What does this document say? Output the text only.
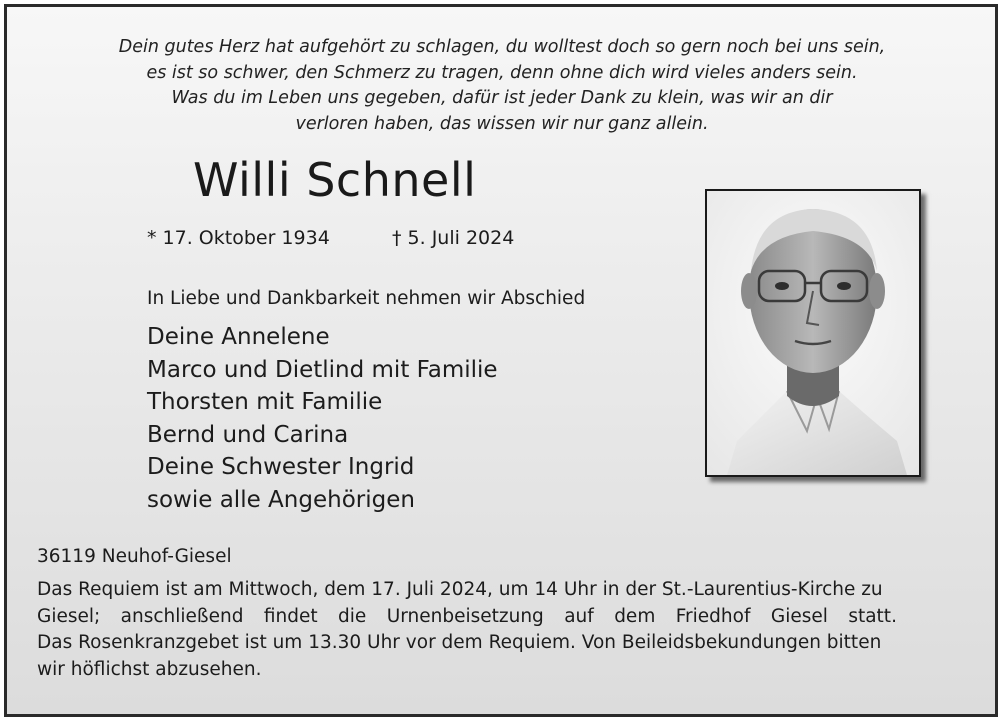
Dein gutes Herz hat aufgehört zu schlagen, du wolltest doch so gern noch bei uns sein,
es ist so schwer, den Schmerz zu tragen, denn ohne dich wird vieles anders sein.
Was du im Leben uns gegeben, dafür ist jeder Dank zu klein, was wir an dir
verloren haben, das wissen wir nur ganz allein.
Willi Schnell
* 17. Oktober 1934	† 5. Juli 2024
In Liebe und Dankbarkeit nehmen wir Abschied
Deine Annelene
Marco und Dietlind mit Familie
Thorsten mit Familie
Bernd und Carina
Deine Schwester Ingrid
sowie alle Angehörigen
36119 Neuhof-Giesel
Das Requiem ist am Mittwoch, dem 17. Juli 2024, um 14 Uhr in der St.-Laurentius-Kirche zu
Giesel; anschließend findet die Urnenbeisetzung auf dem Friedhof Giesel statt.
Das Rosenkranzgebet ist um 13.30 Uhr vor dem Requiem. Von Beileidsbekundungen bitten
wir höflichst abzusehen.
